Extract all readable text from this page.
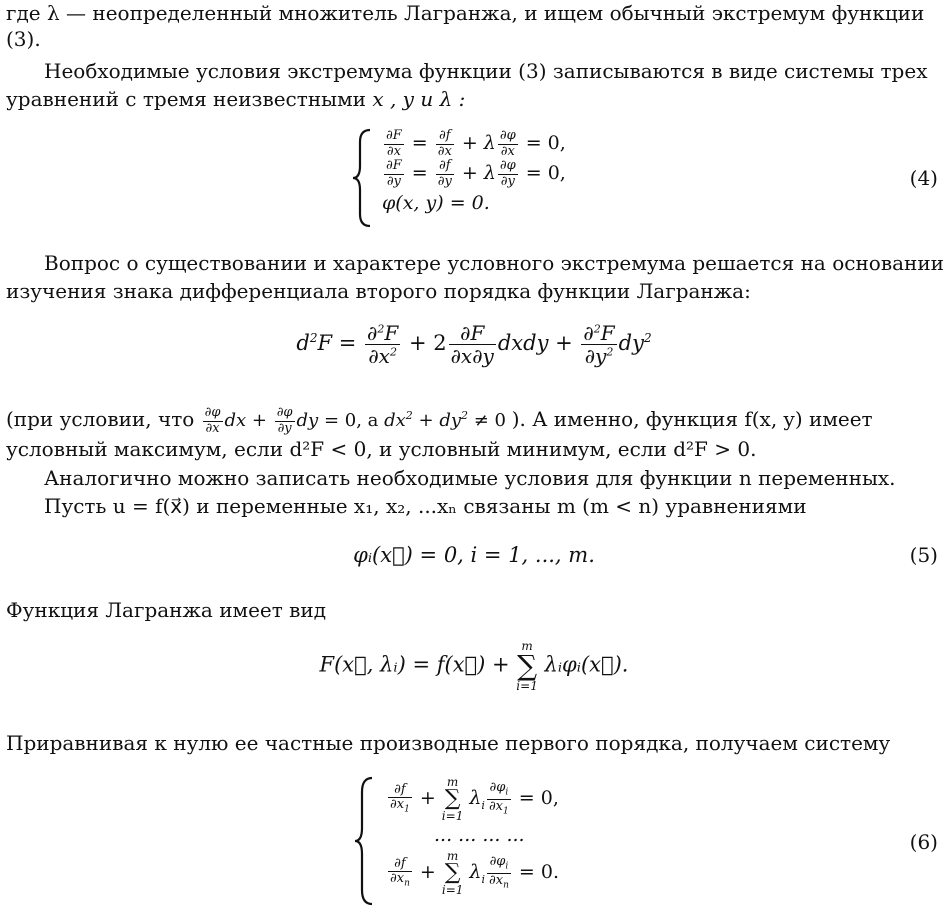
где λ — неопределенный множитель Лагранжа, и ищем обычный экстремум функции
(3).
Необходимые условия экстремума функции (3) записываются в виде системы трех
уравнений с тремя неизвестными x , y и λ :
$\frac{\partial F}{\partial x} = \frac{\partial f}{\partial x} + \lambda \frac{\partial\varphi}{\partial x} = 0$,
$\frac{\partial F}{\partial y} = \frac{\partial f}{\partial y} + \lambda \frac{\partial\varphi}{\partial y} = 0$,
φ(x, y) = 0.
(4)
Вопрос о существовании и характере условного экстремума решается на основании
изучения знака дифференциала второго порядка функции Лагранжа:
$d^2F = \frac{\partial^2F}{\partial x^2} + 2 \frac{\partial F}{\partial x\partial y}$ dxdy + $\frac{\partial^2F}{\partial y^2} dy^2$
(при условии, что $\frac{\partial\varphi}{\partial x}$ dx + $\frac{\partial\varphi}{\partial y}$ dy = 0, а $dx^2 + dy^2 \ne 0$ ). А именно, функция f(x, y) имеет
условный максимум, если d²F < 0, и условный минимум, если d²F > 0.
Аналогично можно записать необходимые условия для функции n переменных.
Пусть u = f(x⃗) и переменные x₁, x₂, ...xₙ связаны m (m < n) уравнениями
φᵢ(x⃗) = 0, i = 1, ..., m.	(5)
Функция Лагранжа имеет вид
F(x⃗, λᵢ) = f(x⃗) +
m
∑
i=1
λᵢφᵢ(x⃗).
Приравнивая к нулю ее частные производные первого порядка, получаем систему
$\frac{\partial f}{\partial x_1}$ +
m
∑
i=1
$\lambda_i \frac{\partial\varphi_i}{\partial x_1} = 0$,
... ... ... ...
$\frac{\partial f}{\partial x_n}$ +
m
∑
i=1
$\lambda_i \frac{\partial\varphi_i}{\partial x_n} = 0$.
(6)
